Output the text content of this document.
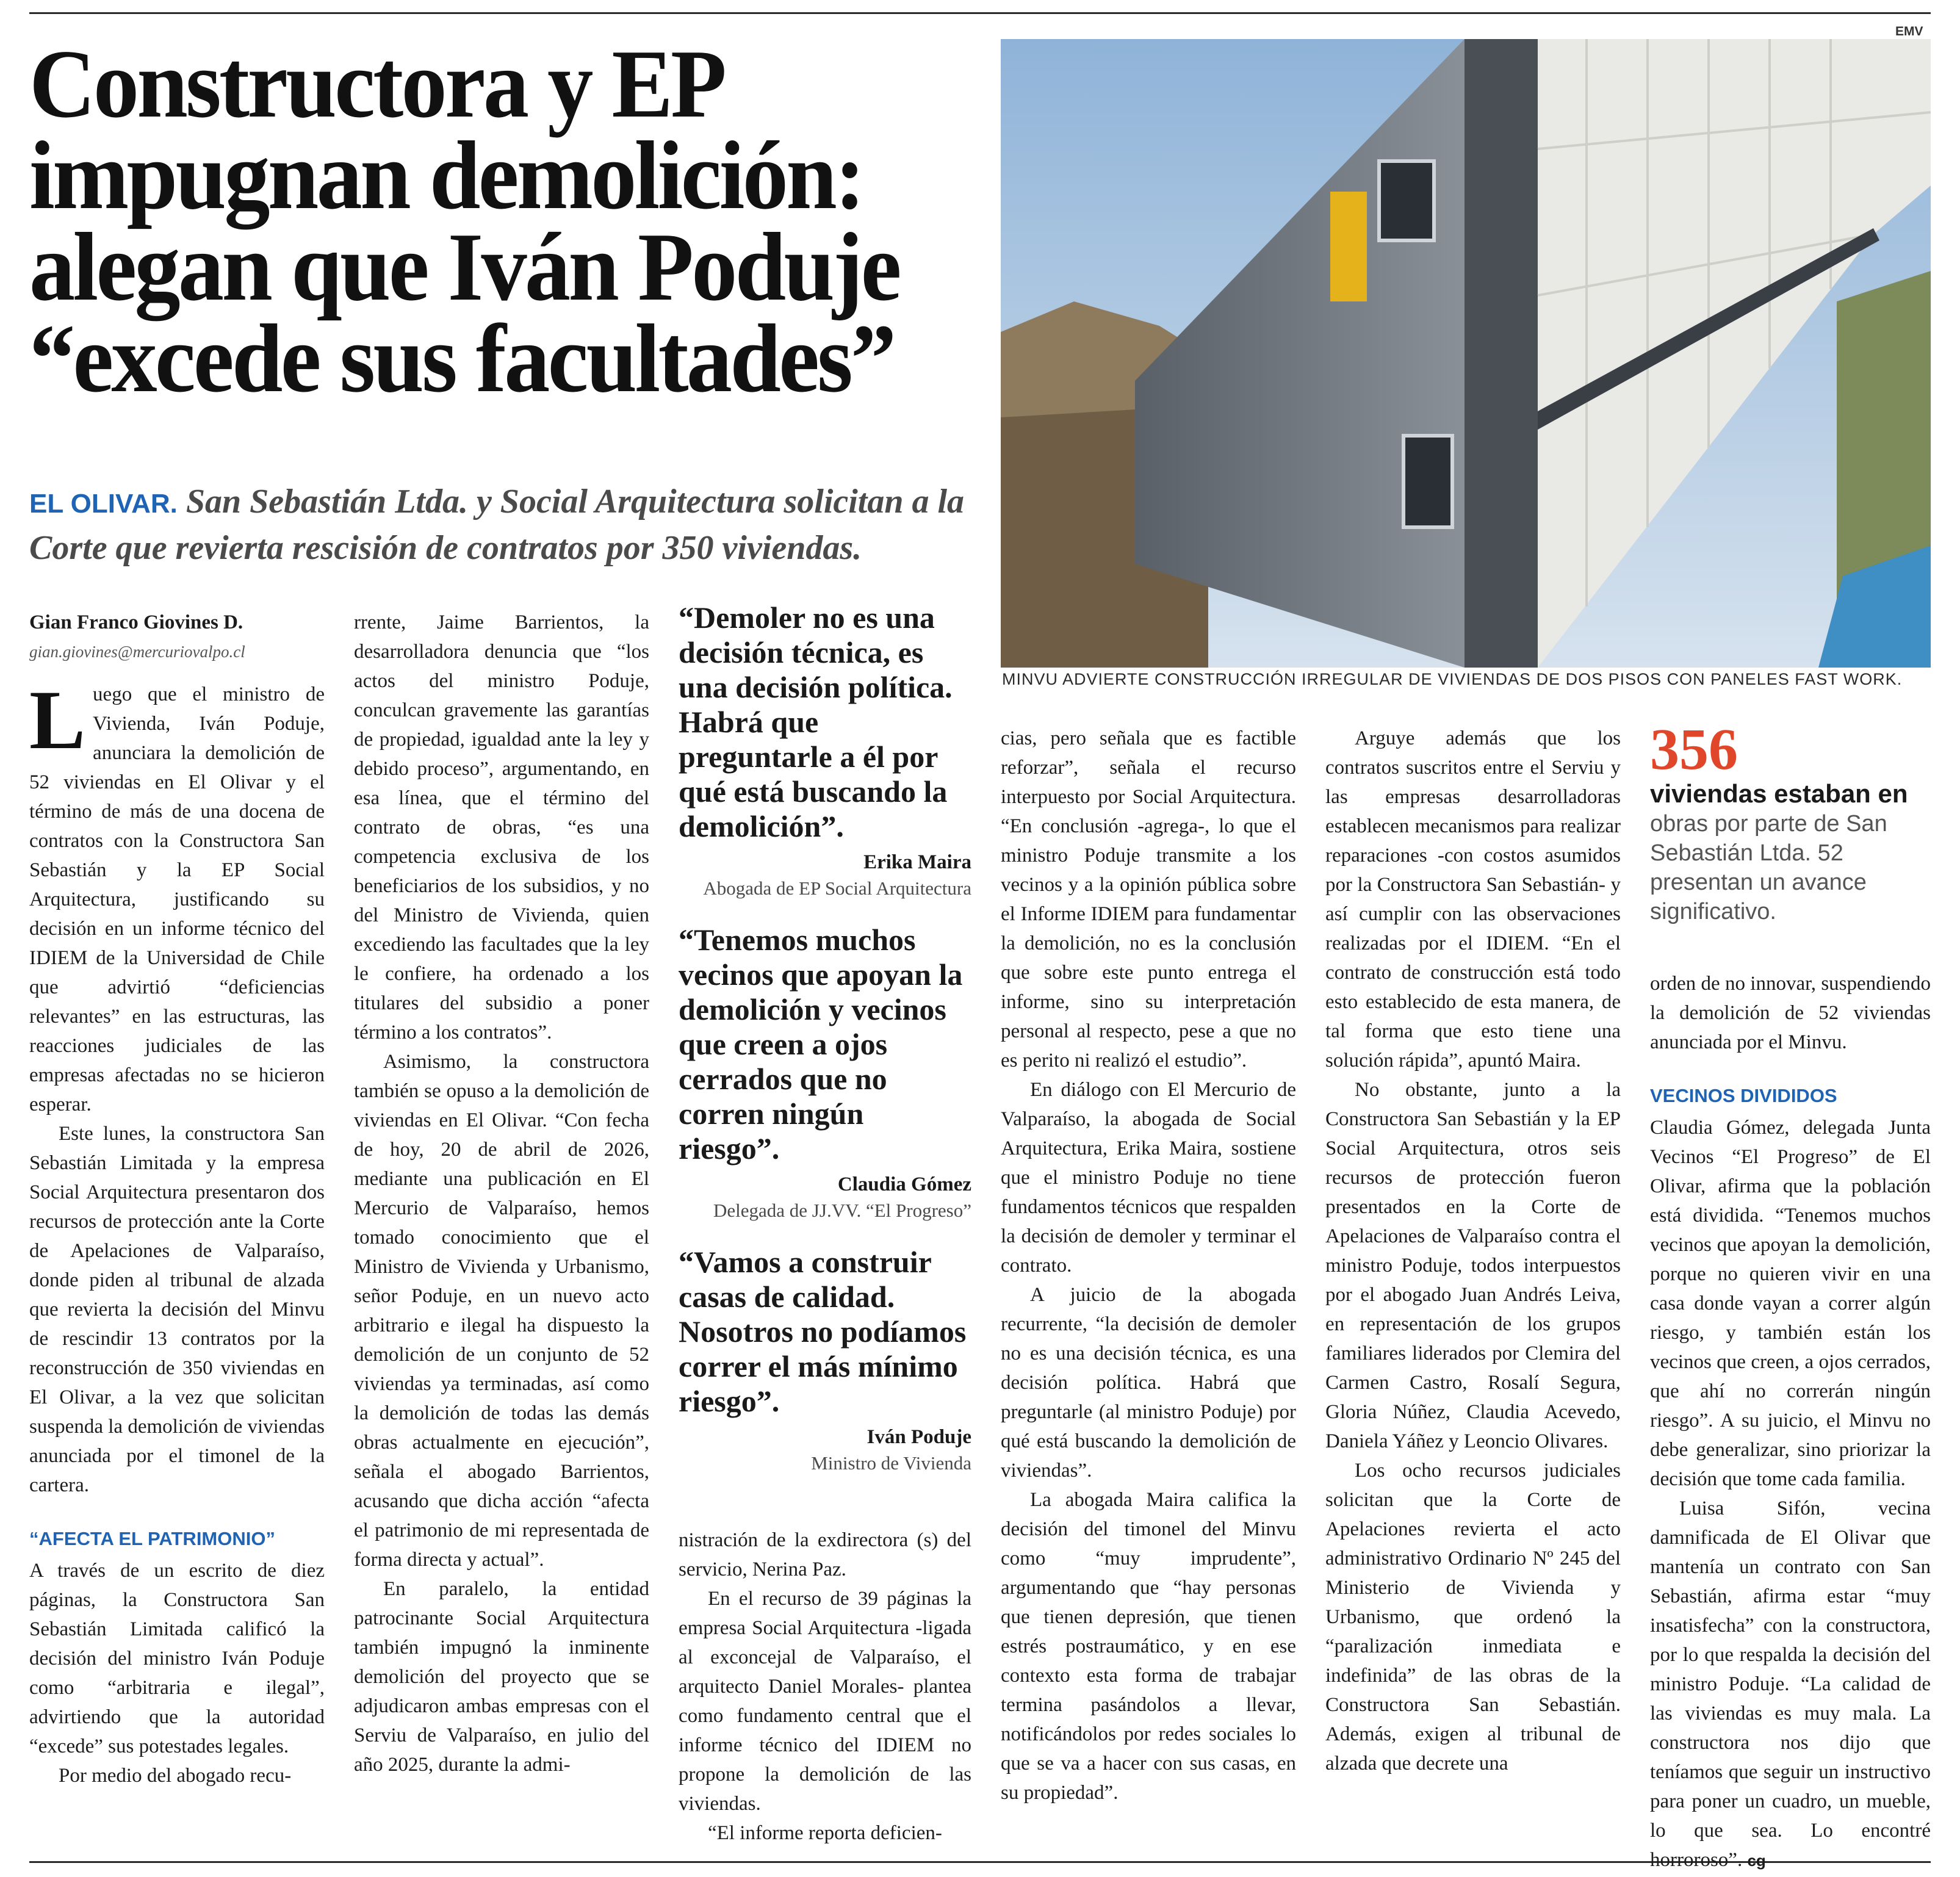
EMV
Constructora y EP
impugnan demolición:
alegan que Iván Poduje
“excede sus facultades”
EL OLIVAR. San Sebastián Ltda. y Social Arquitectura solicitan a la Corte que revierta rescisión de contratos por 350 viviendas.
MINVU ADVIERTE CONSTRUCCIÓN IRREGULAR DE VIVIENDAS DE DOS PISOS CON PANELES FAST WORK.
Gian Franco Giovines D.
gian.giovines@mercuriovalpo.cl

Luego que el ministro de Vivienda, Iván Poduje, anunciara la demolición de 52 viviendas en El Olivar y el término de más de una docena de contratos con la Constructora San Sebastián y la EP Social Arquitectura, justificando su decisión en un informe técnico del IDIEM de la Universidad de Chile que advirtió “deficiencias relevantes” en las estructuras, las reacciones judiciales de las empresas afectadas no se hicieron esperar.

Este lunes, la constructora San Sebastián Limitada y la empresa Social Arquitectura presentaron dos recursos de protección ante la Corte de Apelaciones de Valparaíso, donde piden al tribunal de alzada que revierta la decisión del Minvu de rescindir 13 contratos por la reconstrucción de 350 viviendas en El Olivar, a la vez que solicitan suspenda la demolición de viviendas anunciada por el timonel de la cartera.

“AFECTA EL PATRIMONIO”

A través de un escrito de diez páginas, la Constructora San Sebastián Limitada calificó la decisión del ministro Iván Poduje como “arbitraria e ilegal”, advirtiendo que la autoridad “excede” sus potestades legales.

Por medio del abogado recu-

rrente, Jaime Barrientos, la desarrolladora denuncia que “los actos del ministro Poduje, conculcan gravemente las garantías de propiedad, igualdad ante la ley y debido proceso”, argumentando, en esa línea, que el término del contrato de obras, “es una competencia exclusiva de los beneficiarios de los subsidios, y no del Ministro de Vivienda, quien excediendo las facultades que la ley le confiere, ha ordenado a los titulares del subsidio a poner término a los contratos”.

Asimismo, la constructora también se opuso a la demolición de viviendas en El Olivar. “Con fecha de hoy, 20 de abril de 2026, mediante una publicación en El Mercurio de Valparaíso, hemos tomado conocimiento que el Ministro de Vivienda y Urbanismo, señor Poduje, en un nuevo acto arbitrario e ilegal ha dispuesto la demolición de un conjunto de 52 viviendas ya terminadas, así como la demolición de todas las demás obras actualmente en ejecución”, señala el abogado Barrientos, acusando que dicha acción “afecta el patrimonio de mi representada de forma directa y actual”.

En paralelo, la entidad patrocinante Social Arquitectura también impugnó la inminente demolición del proyecto que se adjudicaron ambas empresas con el Serviu de Valparaíso, en julio del año 2025, durante la admi-

“Demoler no es una decisión técnica, es una decisión política. Habrá que preguntarle a él por qué está buscando la demolición”.
Erika Maira
Abogada de EP Social Arquitectura
“Tenemos muchos vecinos que apoyan la demolición y vecinos que creen a ojos cerrados que no corren ningún riesgo”.
Claudia Gómez
Delegada de JJ.VV. “El Progreso”
“Vamos a construir casas de calidad. Nosotros no podíamos correr el más mínimo riesgo”.
Iván Poduje
Ministro de Vivienda

nistración de la exdirectora (s) del servicio, Nerina Paz.

En el recurso de 39 páginas la empresa Social Arquitectura -ligada al exconcejal de Valparaíso, el arquitecto Daniel Morales- plantea como fundamento central que el informe técnico del IDIEM no propone la demolición de las viviendas.

“El informe reporta deficien-

cias, pero señala que es factible reforzar”, señala el recurso interpuesto por Social Arquitectura. “En conclusión -agrega-, lo que el ministro Poduje transmite a los vecinos y a la opinión pública sobre el Informe IDIEM para fundamentar la demolición, no es la conclusión que sobre este punto entrega el informe, sino su interpretación personal al respecto, pese a que no es perito ni realizó el estudio”.

En diálogo con El Mercurio de Valparaíso, la abogada de Social Arquitectura, Erika Maira, sostiene que el ministro Poduje no tiene fundamentos técnicos que respalden la decisión de demoler y terminar el contrato.

A juicio de la abogada recurrente, “la decisión de demoler no es una decisión técnica, es una decisión política. Habrá que preguntarle (al ministro Poduje) por qué está buscando la demolición de viviendas”.

La abogada Maira califica la decisión del timonel del Minvu como “muy imprudente”, argumentando que “hay personas que tienen depresión, que tienen estrés postraumático, y en ese contexto esta forma de trabajar termina pasándolos a llevar, notificándolos por redes sociales lo que se va a hacer con sus casas, en su propiedad”.

Arguye además que los contratos suscritos entre el Serviu y las empresas desarrolladoras establecen mecanismos para realizar reparaciones -con costos asumidos por la Constructora San Sebastián- y así cumplir con las observaciones realizadas por el IDIEM. “En el contrato de construcción está todo esto establecido de esta manera, de tal forma que esto tiene una solución rápida”, apuntó Maira.

No obstante, junto a la Constructora San Sebastián y la EP Social Arquitectura, otros seis recursos de protección fueron presentados en la Corte de Apelaciones de Valparaíso contra el ministro Poduje, todos interpuestos por el abogado Juan Andrés Leiva, en representación de los grupos familiares liderados por Clemira del Carmen Castro, Rosalí Segura, Gloria Núñez, Claudia Acevedo, Daniela Yáñez y Leoncio Olivares.

Los ocho recursos judiciales solicitan que la Corte de Apelaciones revierta el acto administrativo Ordinario Nº 245 del Ministerio de Vivienda y Urbanismo, que ordenó la “paralización inmediata e indefinida” de las obras de la Constructora San Sebastián. Además, exigen al tribunal de alzada que decrete una

356
viviendas estaban en
obras por parte de San Sebastián Ltda. 52 presentan un avance significativo.

orden de no innovar, suspendiendo la demolición de 52 viviendas anunciada por el Minvu.

VECINOS DIVIDIDOS

Claudia Gómez, delegada Junta Vecinos “El Progreso” de El Olivar, afirma que la población está dividida. “Tenemos muchos vecinos que apoyan la demolición, porque no quieren vivir en una casa donde vayan a correr algún riesgo, y también están los vecinos que creen, a ojos cerrados, que ahí no correrán ningún riesgo”. A su juicio, el Minvu no debe generalizar, sino priorizar la decisión que tome cada familia.

Luisa Sifón, vecina damnificada de El Olivar que mantenía un contrato con San Sebastián, afirma estar “muy insatisfecha” con la constructora, por lo que respalda la decisión del ministro Poduje. “La calidad de las viviendas es muy mala. La constructora nos dijo que teníamos que seguir un instructivo para poner un cuadro, un mueble, lo que sea. Lo encontré horroroso”. cg
